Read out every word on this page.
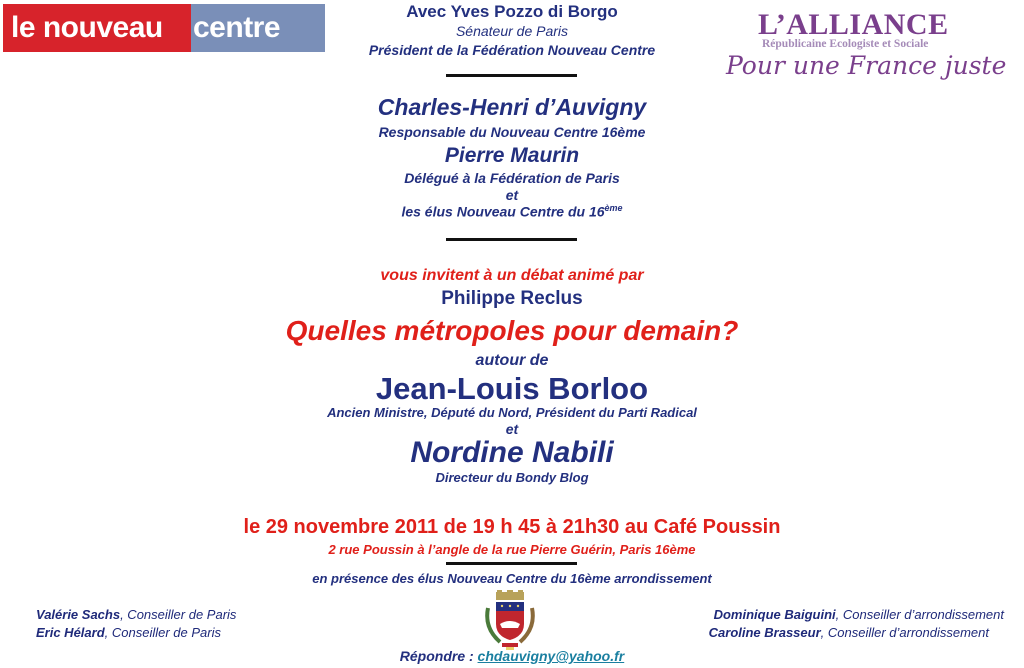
le nouveau	centre	L’ALLIANCE
Républicaine Ecologiste et Sociale
Pour une France juste
Avec Yves Pozzo di Borgo
Sénateur de Paris
Président de la Fédération Nouveau Centre
Charles-Henri d’Auvigny
Responsable du Nouveau Centre 16ème
Pierre Maurin
Délégué à la Fédération de Paris
et
les élus Nouveau Centre du 16ème
vous invitent à un débat animé par
Philippe Reclus
Quelles métropoles pour demain?
autour de
Jean-Louis Borloo
Ancien Ministre, Député du Nord, Président du Parti Radical
et
Nordine Nabili
Directeur du Bondy Blog
le 29 novembre 2011 de 19 h 45 à 21h30 au Café Poussin
2 rue Poussin à l’angle de la rue Pierre Guérin, Paris 16ème
en présence des élus Nouveau Centre du 16ème arrondissement
Valérie Sachs, Conseiller de Paris
Eric Hélard, Conseiller de Paris
Dominique Baiguini, Conseiller d’arrondissement
Caroline Brasseur, Conseiller d’arrondissement
Répondre : chdauvigny@yahoo.fr
